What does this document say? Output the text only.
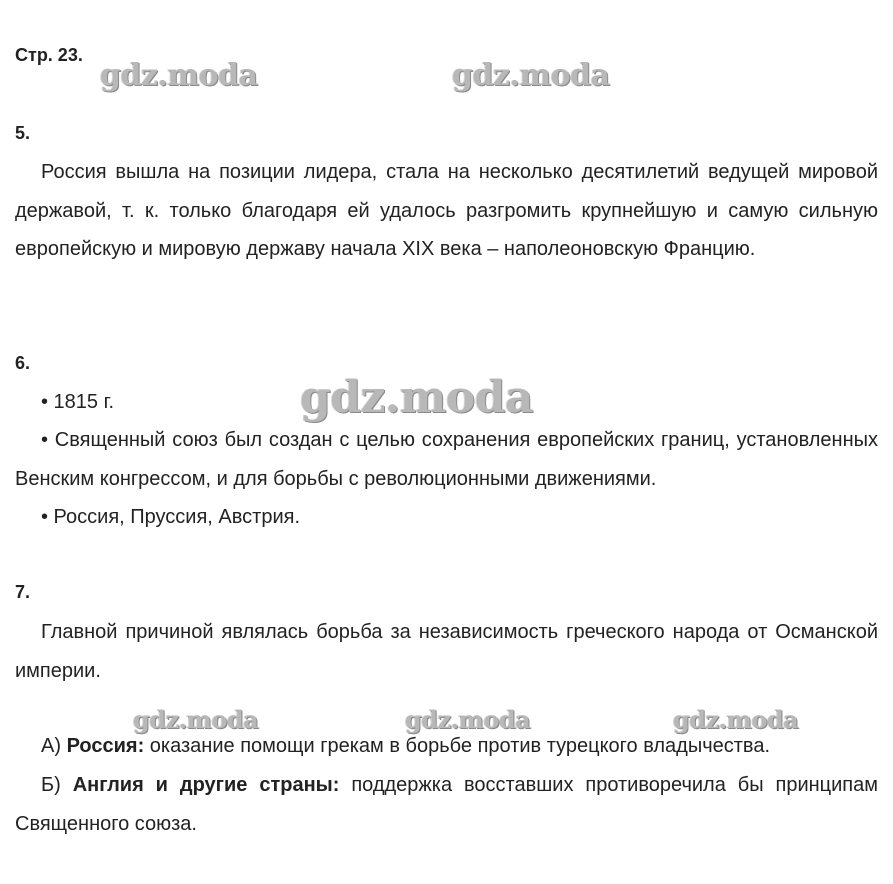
Стр. 23.
gdz.moda	gdz.moda
gdz.moda
gdz.moda	gdz.moda	gdz.moda
5.

Россия вышла на позиции лидера, стала на несколько десятилетий ведущей мировой державой, т. к. только благодаря ей удалось разгромить крупнейшую и самую сильную европейскую и мировую державу начала XIX века – наполеоновскую Францию.

6.
• 1815 г.

• Священный союз был создан с целью сохранения европейских границ, установленных Венским конгрессом, и для борьбы с революционными движениями.

• Россия, Пруссия, Австрия.
7.

Главной причиной являлась борьба за независимость греческого народа от Османской империи.

А) Россия: оказание помощи грекам в борьбе против турецкого владычества.

Б) Англия и другие страны: поддержка восставших противоречила бы принципам Священного союза.
